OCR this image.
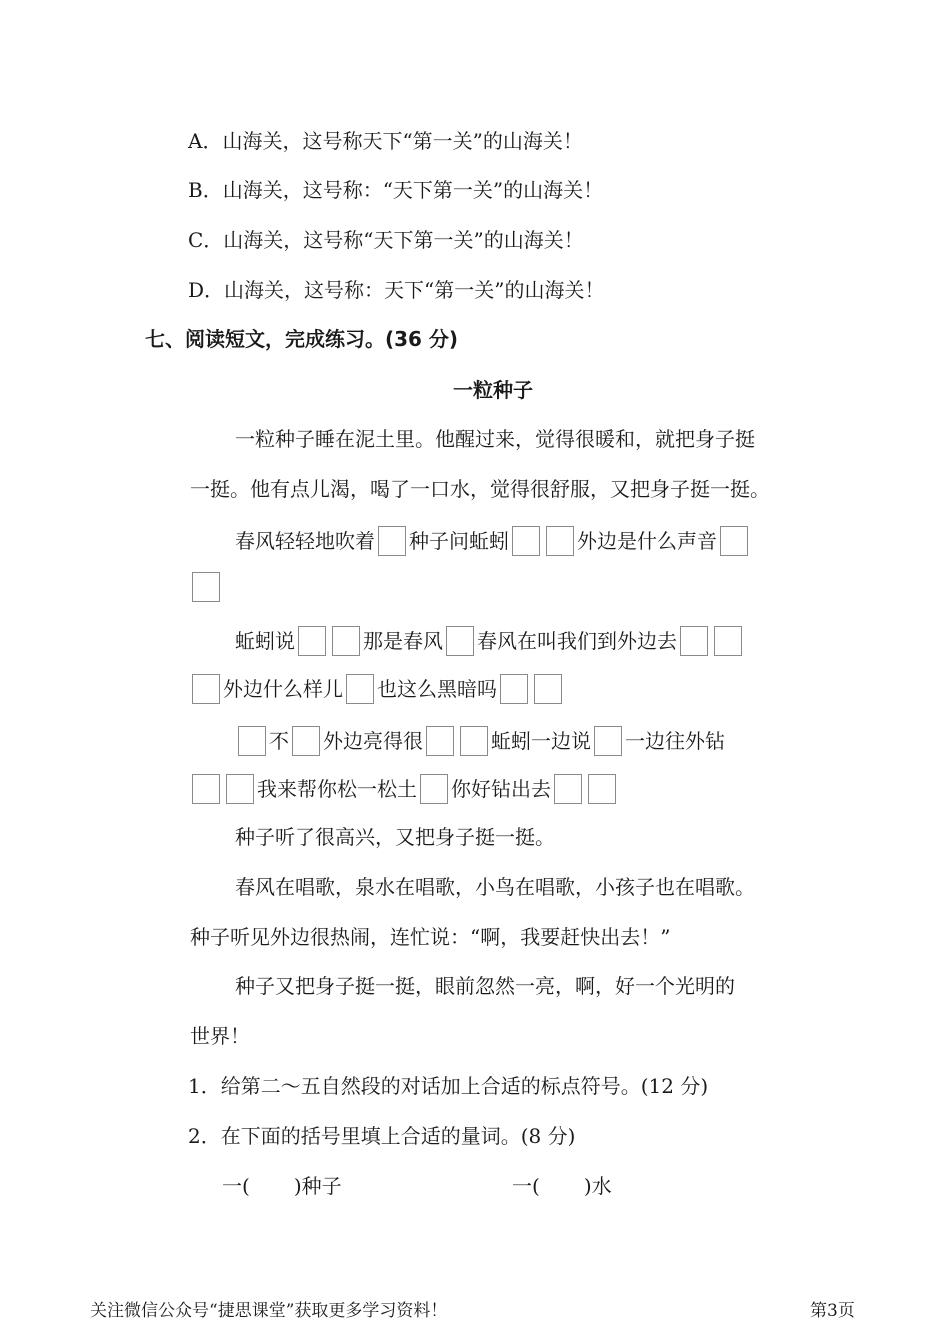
A．山海关，这号称天下“第一关”的山海关！
B．山海关，这号称：“天下第一关”的山海关！
C．山海关，这号称“天下第一关”的山海关！
D．山海关，这号称：天下“第一关”的山海关！
七、阅读短文，完成练习。(36 分)
一粒种子
一粒种子睡在泥土里。他醒过来，觉得很暖和，就把身子挺
一挺。他有点儿渴，喝了一口水，觉得很舒服，又把身子挺一挺。
春风轻轻地吹着 种子问蚯蚓	外边是什么声音
蚯蚓说	那是春风 春风在叫我们到外边去
外边什么样儿 也这么黑暗吗
不 外边亮得很	蚯蚓一边说 一边往外钻
我来帮你松一松土 你好钻出去
种子听了很高兴，又把身子挺一挺。
春风在唱歌，泉水在唱歌，小鸟在唱歌，小孩子也在唱歌。
种子听见外边很热闹，连忙说：“啊，我要赶快出去！”
种子又把身子挺一挺，眼前忽然一亮，啊，好一个光明的
世界！
1．给第二～五自然段的对话加上合适的标点符号。(12 分)
2．在下面的括号里填上合适的量词。(8 分)
一( )种子	一( )水
关注微信公众号“捷思课堂”获取更多学习资料！	第3页
